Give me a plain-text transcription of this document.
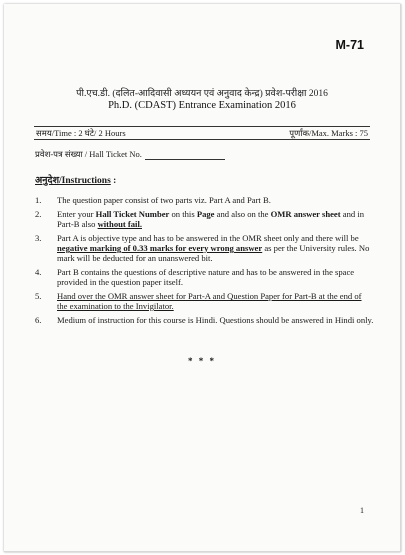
M-71
पी.एच.डी. (दलित-आदिवासी अध्ययन एवं अनुवाद केन्द्र) प्रवेश-परीक्षा 2016
Ph.D. (CDAST) Entrance Examination 2016
समय/Time : 2 घंटे/ 2 Hours	पूर्णांक/Max. Marks : 75
प्रवेश-पत्र संख्या / Hall Ticket No.
अनुदेश/Instructions :
1.	The question paper consist of two parts viz. Part A and Part B.
2.	Enter your Hall Ticket Number on this Page and also on the OMR answer sheet and in Part-B also without fail.
3.	Part A is objective type and has to be answered in the OMR sheet only and there will be negative marking of 0.33 marks for every wrong answer as per the University rules. No mark will be deducted for an unanswered bit.
4.	Part B contains the questions of descriptive nature and has to be answered in the space provided in the question paper itself.
5.	Hand over the OMR answer sheet for Part-A and Question Paper for Part-B at the end of the examination to the Invigilator.
6.	Medium of instruction for this course is Hindi. Questions should be answered in Hindi only.
* * *
1
